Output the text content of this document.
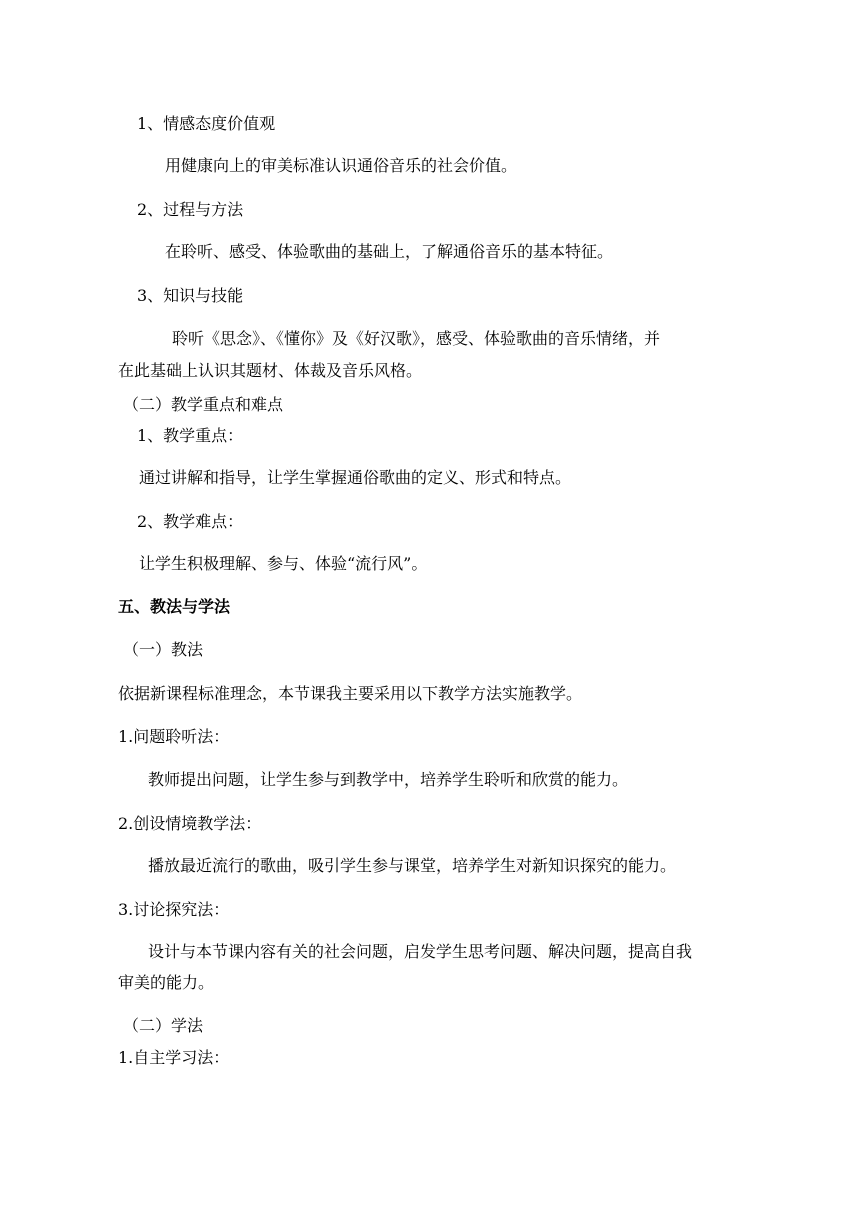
1、情感态度价值观
用健康向上的审美标准认识通俗音乐的社会价值。
2、过程与方法
在聆听、感受、体验歌曲的基础上，了解通俗音乐的基本特征。
3、知识与技能
聆听《思念》、《懂你》及《好汉歌》，感受、体验歌曲的音乐情绪，并
在此基础上认识其题材、体裁及音乐风格。
（二）教学重点和难点
1、教学重点：
通过讲解和指导，让学生掌握通俗歌曲的定义、形式和特点。
2、教学难点：
让学生积极理解、参与、体验“流行风”。
五、教法与学法
（一）教法
依据新课程标准理念，本节课我主要采用以下教学方法实施教学。
1.问题聆听法：
教师提出问题，让学生参与到教学中，培养学生聆听和欣赏的能力。
2.创设情境教学法：
播放最近流行的歌曲，吸引学生参与课堂，培养学生对新知识探究的能力。
3.讨论探究法：
设计与本节课内容有关的社会问题，启发学生思考问题、解决问题，提高自我
审美的能力。
（二）学法
1.自主学习法：
